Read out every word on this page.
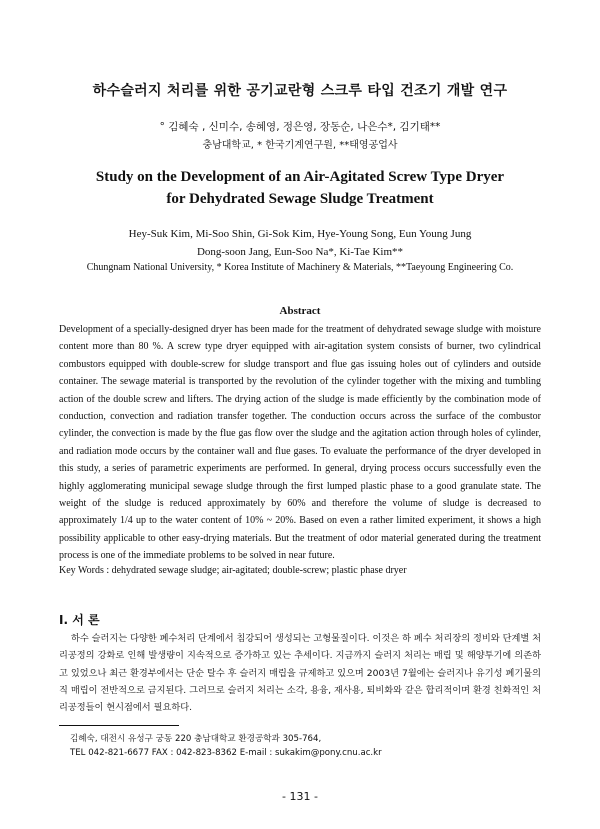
하수슬러지 처리를 위한 공기교란형 스크루 타입 건조기 개발 연구
° 김혜숙 , 신미수, 송혜영, 정은영, 장동순, 나은수*, 김기태**
충남대학교, * 한국기계연구원, **태영공업사
Study on the Development of an Air-Agitated Screw Type Dryer
for Dehydrated Sewage Sludge Treatment
Hey-Suk Kim, Mi-Soo Shin, Gi-Sok Kim, Hye-Young Song, Eun Young Jung
Dong-soon Jang, Eun-Soo Na*, Ki-Tae Kim**
Chungnam National University, * Korea Institute of Machinery & Materials, **Taeyoung Engineering Co.
Abstract
Development of a specially-designed dryer has been made for the treatment of dehydrated sewage sludge with moisture content more than 80 %. A screw type dryer equipped with air-agitation system consists of burner, two cylindrical combustors equipped with double-screw for sludge transport and flue gas issuing holes out of cylinders and outside container. The sewage material is transported by the revolution of the cylinder together with the mixing and tumbling action of the double screw and lifters. The drying action of the sludge is made efficiently by the combination mode of conduction, convection and radiation transfer together. The conduction occurs across the surface of the combustor cylinder, the convection is made by the flue gas flow over the sludge and the agitation action through holes of cylinder, and radiation mode occurs by the container wall and flue gases. To evaluate the performance of the dryer developed in this study, a series of parametric experiments are performed. In general, drying process occurs successfully even the highly agglomerating municipal sewage sludge through the first lumped plastic phase to a good granulate state. The weight of the sludge is reduced approximately by 60% and therefore the volume of sludge is decreased to approximately 1/4 up to the water content of 10% ~ 20%. Based on even a rather limited experiment, it shows a high possibility applicable to other easy-drying materials. But the treatment of odor material generated during the treatment process is one of the immediate problems to be solved in near future.
Key Words : dehydrated sewage sludge; air-agitated; double-screw; plastic phase dryer
Ⅰ. 서 론
하수 슬러지는 다양한 폐수처리 단계에서 침강되어 생성되는 고형물질이다. 이것은 하 폐수 처리장의 정비와 단계별 처리공정의 강화로 인해 발생량이 지속적으로 증가하고 있는 추세이다. 지금까지 슬러지 처리는 매립 및 해양투기에 의존하고 있었으나 최근 환경부에서는 단순 탈수 후 슬러지 매립을 규제하고 있으며 2003년 7월에는 슬러지나 유기성 폐기물의 직 매립이 전반적으로 금지된다. 그러므로 슬러지 처리는 소각, 용융, 재사용, 퇴비화와 같은 합리적이며 환경 친화적인 처리공정들이 현시점에서 필요하다.
김혜숙, 대전시 유성구 궁동 220 충남대학교 환경공학과 305-764,
TEL 042-821-6677 FAX : 042-823-8362 E-mail : sukakim@pony.cnu.ac.kr
- 131 -
